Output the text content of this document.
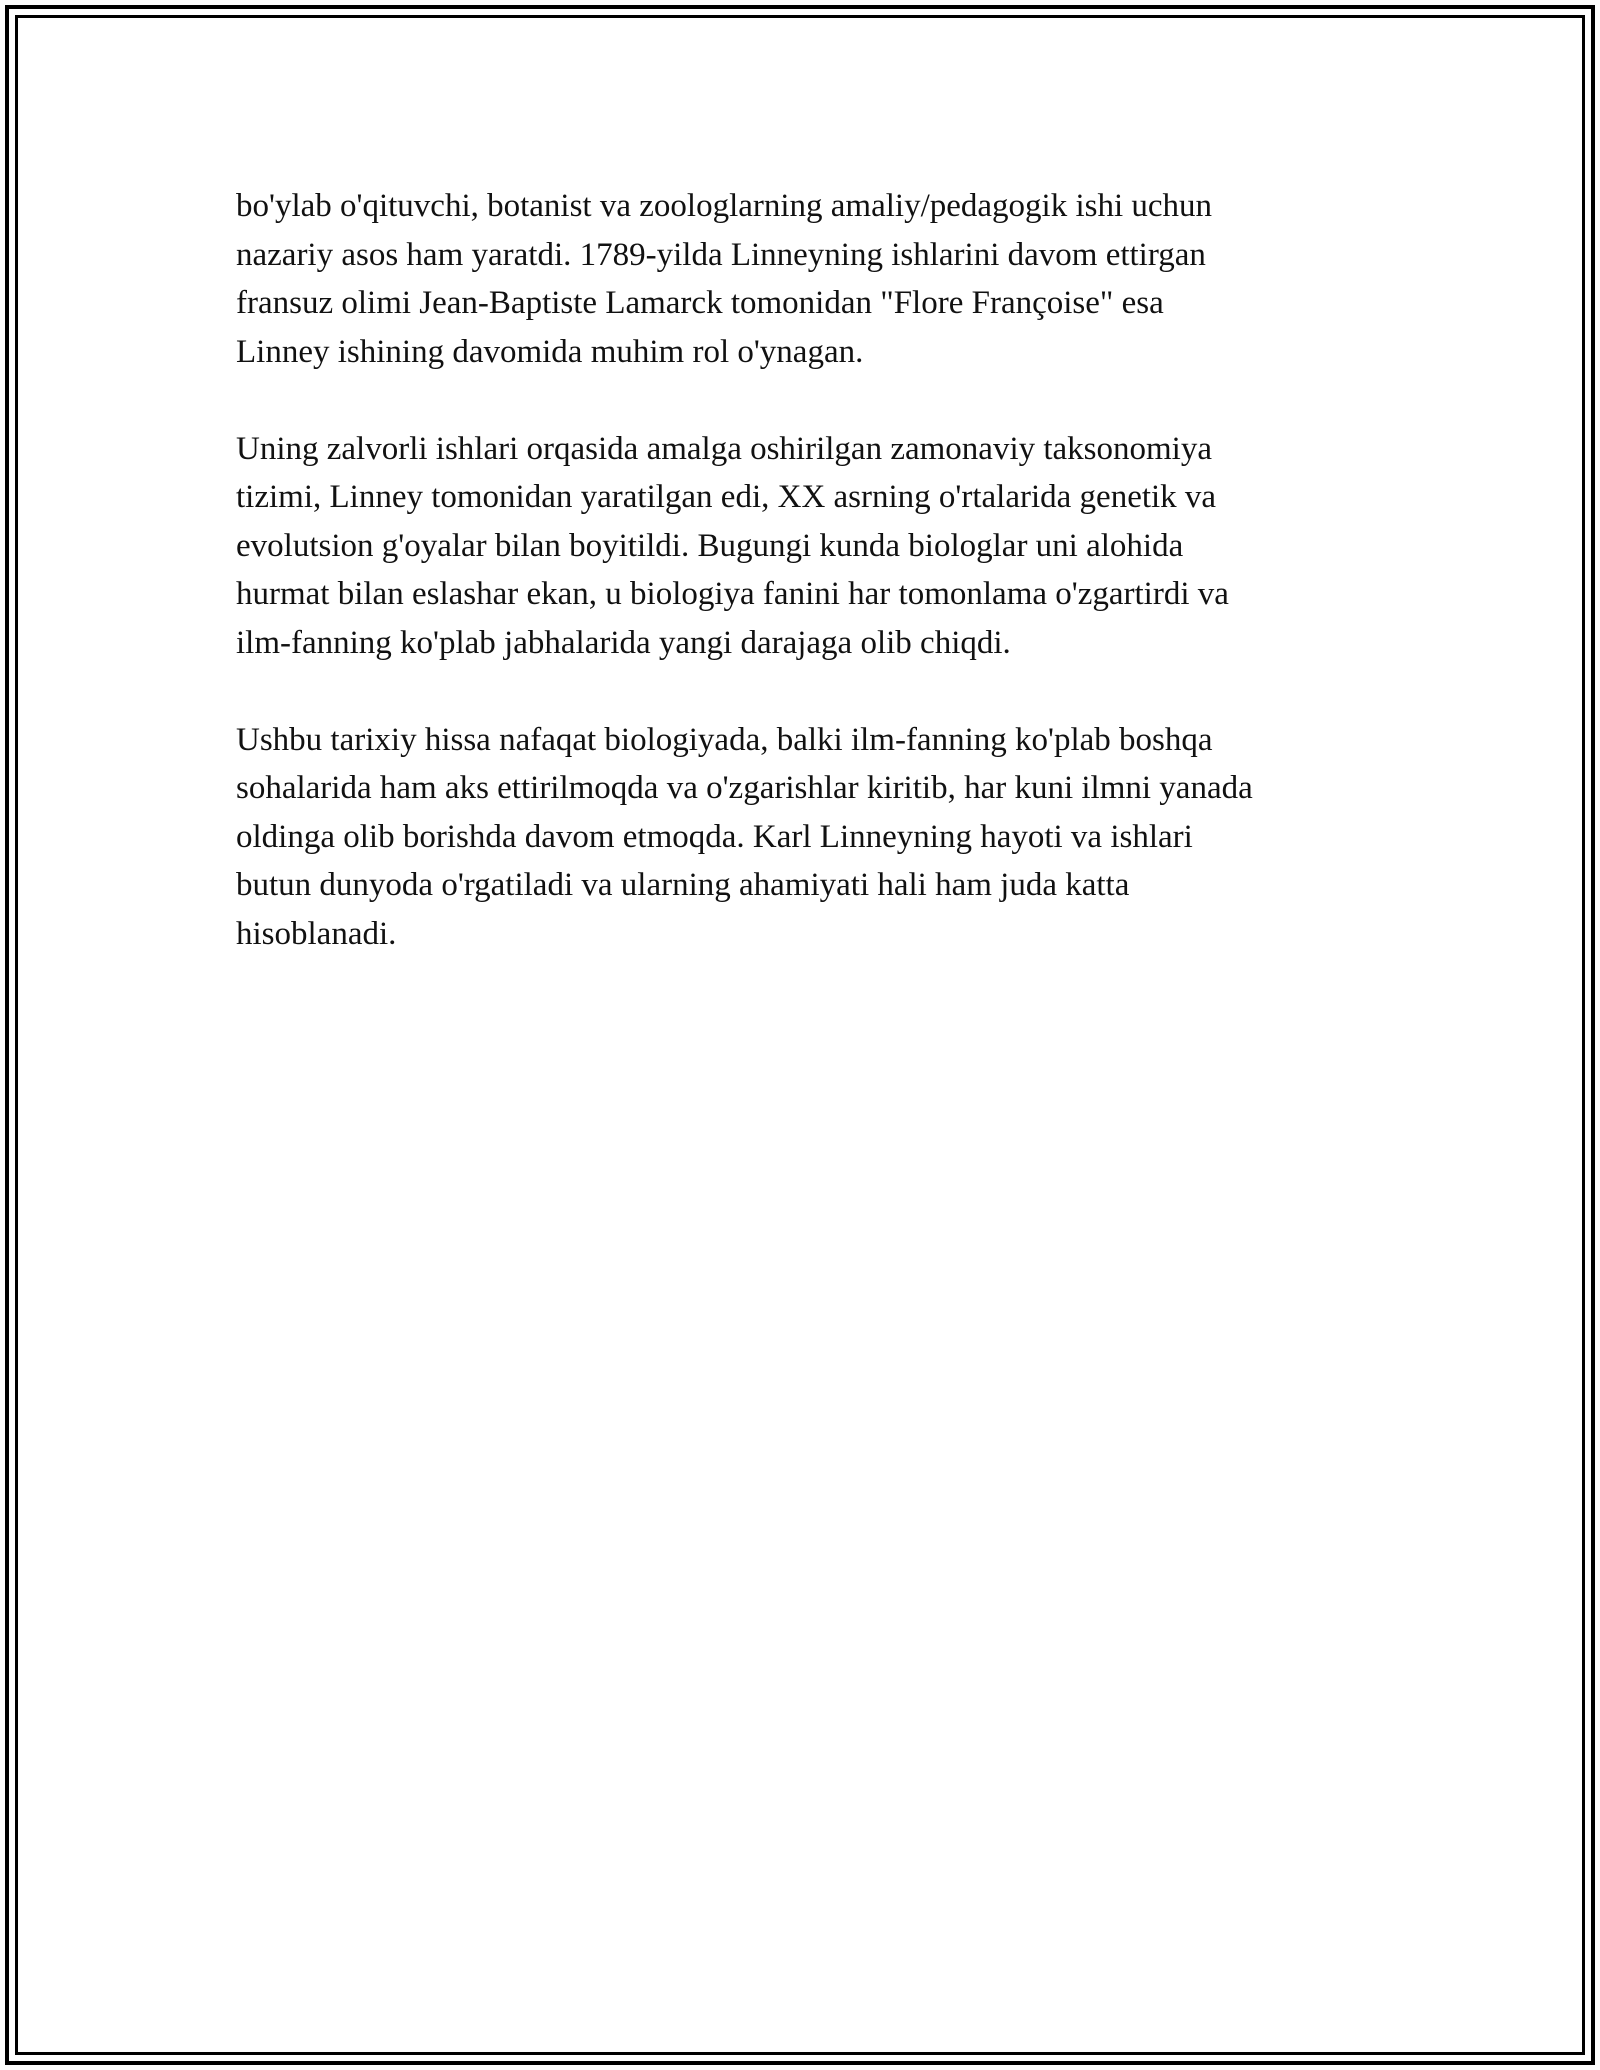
bo'ylab o'qituvchi, botanist va zoologlarning amaliy/pedagogik ishi uchun
nazariy asos ham yaratdi. 1789-yilda Linneyning ishlarini davom ettirgan
fransuz olimi Jean-Baptiste Lamarck tomonidan "Flore Françoise" esa
Linney ishining davomida muhim rol o'ynagan.

Uning zalvorli ishlari orqasida amalga oshirilgan zamonaviy taksonomiya
tizimi, Linney tomonidan yaratilgan edi, XX asrning o'rtalarida genetik va
evolutsion g'oyalar bilan boyitildi. Bugungi kunda biologlar uni alohida
hurmat bilan eslashar ekan, u biologiya fanini har tomonlama o'zgartirdi va
ilm-fanning ko'plab jabhalarida yangi darajaga olib chiqdi.

Ushbu tarixiy hissa nafaqat biologiyada, balki ilm-fanning ko'plab boshqa
sohalarida ham aks ettirilmoqda va o'zgarishlar kiritib, har kuni ilmni yanada
oldinga olib borishda davom etmoqda. Karl Linneyning hayoti va ishlari
butun dunyoda o'rgatiladi va ularning ahamiyati hali ham juda katta
hisoblanadi.
